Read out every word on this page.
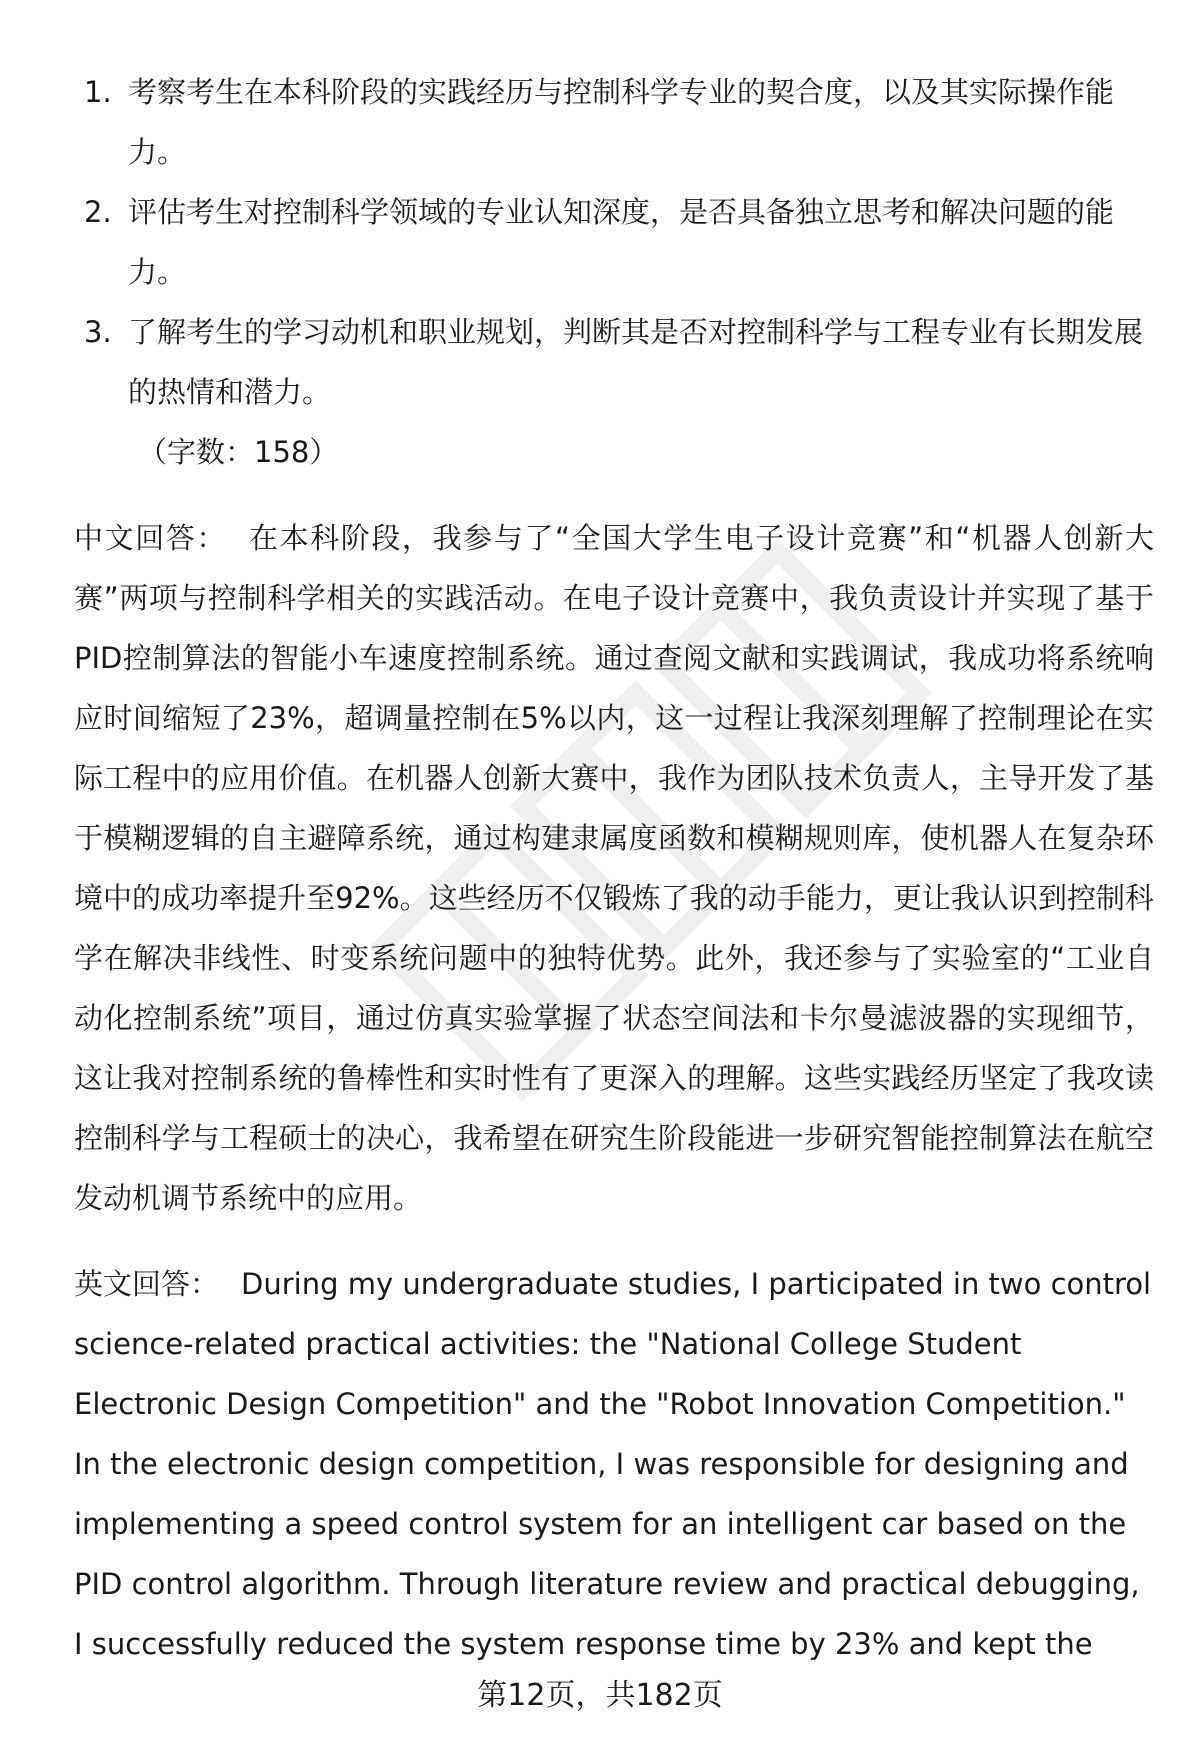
1. 考察考生在本科阶段的实践经历与控制科学专业的契合度，以及其实际操作能力。
2. 评估考生对控制科学领域的专业认知深度，是否具备独立思考和解决问题的能力。
3. 了解考生的学习动机和职业规划，判断其是否对控制科学与工程专业有长期发展的热情和潜力。
（字数：158）

中文回答： 在本科阶段，我参与了“全国大学生电子设计竞赛”和“机器人创新大赛”两项与控制科学相关的实践活动。在电子设计竞赛中，我负责设计并实现了基于PID控制算法的智能小车速度控制系统。通过查阅文献和实践调试，我成功将系统响应时间缩短了23%，超调量控制在5%以内，这一过程让我深刻理解了控制理论在实际工程中的应用价值。在机器人创新大赛中，我作为团队技术负责人，主导开发了基于模糊逻辑的自主避障系统，通过构建隶属度函数和模糊规则库，使机器人在复杂环境中的成功率提升至92%。这些经历不仅锻炼了我的动手能力，更让我认识到控制科学在解决非线性、时变系统问题中的独特优势。此外，我还参与了实验室的“工业自动化控制系统”项目，通过仿真实验掌握了状态空间法和卡尔曼滤波器的实现细节，这让我对控制系统的鲁棒性和实时性有了更深入的理解。这些实践经历坚定了我攻读控制科学与工程硕士的决心，我希望在研究生阶段能进一步研究智能控制算法在航空发动机调节系统中的应用。

英文回答： During my undergraduate studies, I participated in two control science-related practical activities: the "National College Student Electronic Design Competition" and the "Robot Innovation Competition." In the electronic design competition, I was responsible for designing and implementing a speed control system for an intelligent car based on the PID control algorithm. Through literature review and practical debugging, I successfully reduced the system response time by 23% and kept the

第12页，共182页
